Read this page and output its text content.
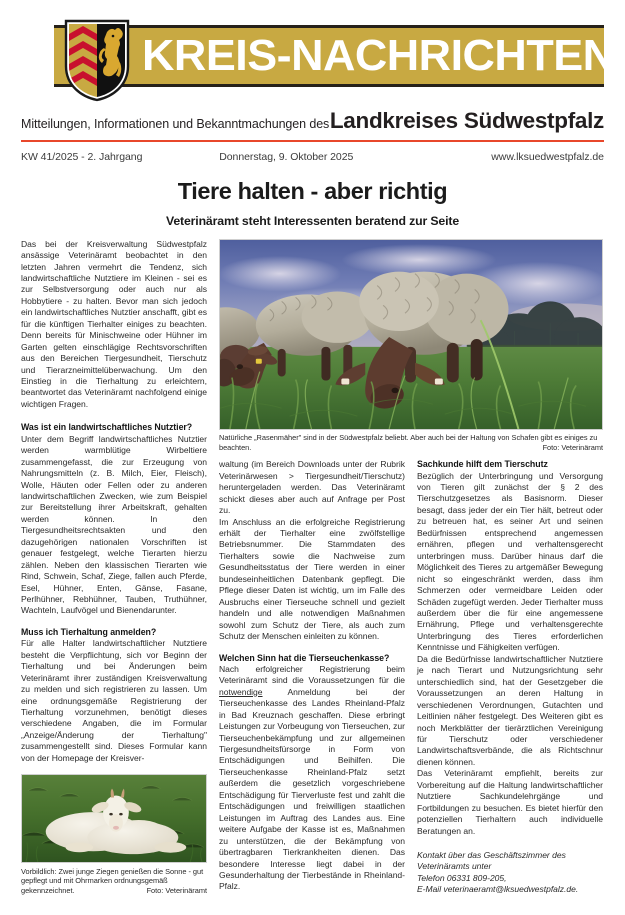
KREIS-NACHRICHTEN
Mitteilungen, Informationen und Bekanntmachungen des Landkreises Südwestpfalz
KW 41/2025 - 2. Jahrgang	Donnerstag, 9. Oktober 2025	www.lksuedwestpfalz.de
Tiere halten - aber richtig
Veterinäramt steht Interessenten beratend zur Seite

Das bei der Kreisverwaltung Südwestpfalz ansässige Veterinäramt beobachtet in den letzten Jahren vermehrt die Tendenz, sich landwirtschaftliche Nutztiere im Kleinen - sei es zur Selbstversorgung oder auch nur als Hobbytiere - zu halten. Bevor man sich jedoch ein landwirtschaftliches Nutztier anschafft, gibt es für die künftigen Tierhalter einiges zu beachten. Denn bereits für Minischweine oder Hühner im Garten gelten einschlägige Rechtsvorschriften aus den Bereichen Tiergesundheit, Tierschutz und Tierarzneimittelüberwachung. Um den Einstieg in die Tierhaltung zu erleichtern, beantwortet das Veterinäramt nachfolgend einige wichtigen Fragen.

Was ist ein landwirtschaftliches Nutztier?

Unter dem Begriff landwirtschaftliches Nutztier werden warmblütige Wirbeltiere zusammengefasst, die zur Erzeugung von Nahrungsmitteln (z. B. Milch, Eier, Fleisch), Wolle, Häuten oder Fellen oder zu anderen landwirtschaftlichen Zwecken, wie zum Beispiel zur Bereitstellung ihrer Arbeitskraft, gehalten werden können. In den Tiergesundheitsrechtsakten und den dazugehörigen nationalen Vorschriften ist genauer festgelegt, welche Tierarten hierzu zählen. Neben den klassischen Tierarten wie Rind, Schwein, Schaf, Ziege, fallen auch Pferde, Esel, Hühner, Enten, Gänse, Fasane, Perlhühner, Rebhühner, Tauben, Truthühner, Wachteln, Laufvögel und Bienendarunter.

Muss ich Tierhaltung anmelden?

Für alle Halter landwirtschaftlicher Nutztiere besteht die Verpflichtung, sich vor Beginn der Tierhaltung und bei Änderungen beim Veterinäramt ihrer zuständigen Kreisverwaltung zu melden und sich registrieren zu lassen. Um eine ordnungsgemäße Registrierung der Tierhaltung vorzunehmen, benötigt dieses verschiedene Angaben, die im Formular „Anzeige/Änderung der Tierhaltung" zusammengestellt sind. Dieses Formular kann von der Homepage der Kreisver-

Vorbildlich: Zwei junge Ziegen genießen die Sonne - gut gepflegt und mit Ohrmarken ordnungsgemäß gekennzeichnet.	Foto: Veterinäramt
Natürliche „Rasenmäher" sind in der Südwestpfalz beliebt. Aber auch bei der Haltung von Schafen gibt es einiges zu beachten.	Foto: Veterinäramt

waltung (im Bereich Downloads unter der Rubrik Veterinärwesen > Tiergesundheit/Tierschutz) heruntergeladen werden. Das Veterinäramt schickt dieses aber auch auf Anfrage per Post zu.

Im Anschluss an die erfolgreiche Registrierung erhält der Tierhalter eine zwölfstellige Betriebsnummer. Die Stammdaten des Tierhalters sowie die Nachweise zum Gesundheitsstatus der Tiere werden in einer bundeseinheitlichen Datenbank gepflegt. Die Pflege dieser Daten ist wichtig, um im Falle des Ausbruchs einer Tierseuche schnell und gezielt handeln und alle notwendigen Maßnahmen sowohl zum Schutz der Tiere, als auch zum Schutz der Menschen einleiten zu können.

Welchen Sinn hat die Tierseuchenkasse?

Nach erfolgreicher Registrierung beim Veterinäramt sind die Voraussetzungen für die notwendige Anmeldung bei der Tierseuchenkasse des Landes Rheinland-Pfalz in Bad Kreuznach geschaffen. Diese erbringt Leistungen zur Vorbeugung von Tierseuchen, zur Tierseuchenbekämpfung und zur allgemeinen Tiergesundheitsfürsorge in Form von Entschädigungen und Beihilfen. Die Tierseuchenkasse Rheinland-Pfalz setzt außerdem die gesetzlich vorgeschriebene Entschädigung für Tierverluste fest und zahlt die Entschädigungen und freiwilligen staatlichen Leistungen im Auftrag des Landes aus. Eine weitere Aufgabe der Kasse ist es, Maßnahmen zu unterstützen, die der Bekämpfung von übertragbaren Tierkrankheiten dienen. Das besondere Interesse liegt dabei in der Gesunderhaltung der Tierbestände in Rheinland-Pfalz.

Sachkunde hilft dem Tierschutz

Bezüglich der Unterbringung und Versorgung von Tieren gilt zunächst der § 2 des Tierschutzgesetzes als Basisnorm. Dieser besagt, dass jeder der ein Tier hält, betreut oder zu betreuen hat, es seiner Art und seinen Bedürfnissen entsprechend angemessen ernähren, pflegen und verhaltensgerecht unterbringen muss. Darüber hinaus darf die Möglichkeit des Tieres zu artgemäßer Bewegung nicht so eingeschränkt werden, dass ihm Schmerzen oder vermeidbare Leiden oder Schäden zugefügt werden. Jeder Tierhalter muss außerdem über die für eine angemessene Ernährung, Pflege und verhaltensgerechte Unterbringung des Tieres erforderlichen Kenntnisse und Fähigkeiten verfügen.

Da die Bedürfnisse landwirtschaftlicher Nutztiere je nach Tierart und Nutzungsrichtung sehr unterschiedlich sind, hat der Gesetzgeber die Voraussetzungen an deren Haltung in verschiedenen Verordnungen, Gutachten und Leitlinien näher festgelegt. Des Weiteren gibt es noch Merkblätter der tierärztlichen Vereinigung für Tierschutz oder verschiedener Landwirtschaftsverbände, die als Richtschnur dienen können.

Das Veterinäramt empfiehlt, bereits zur Vorbereitung auf die Haltung landwirtschaftlicher Nutztiere Sachkundelehrgänge und Fortbildungen zu besuchen. Es bietet hierfür den potenziellen Tierhaltern auch individuelle Beratungen an.

Kontakt über das Geschäftszimmer des Veterinäramts unter
Telefon 06331 809-205,
E-Mail veterinaeramt@lksuedwestpfalz.de.
